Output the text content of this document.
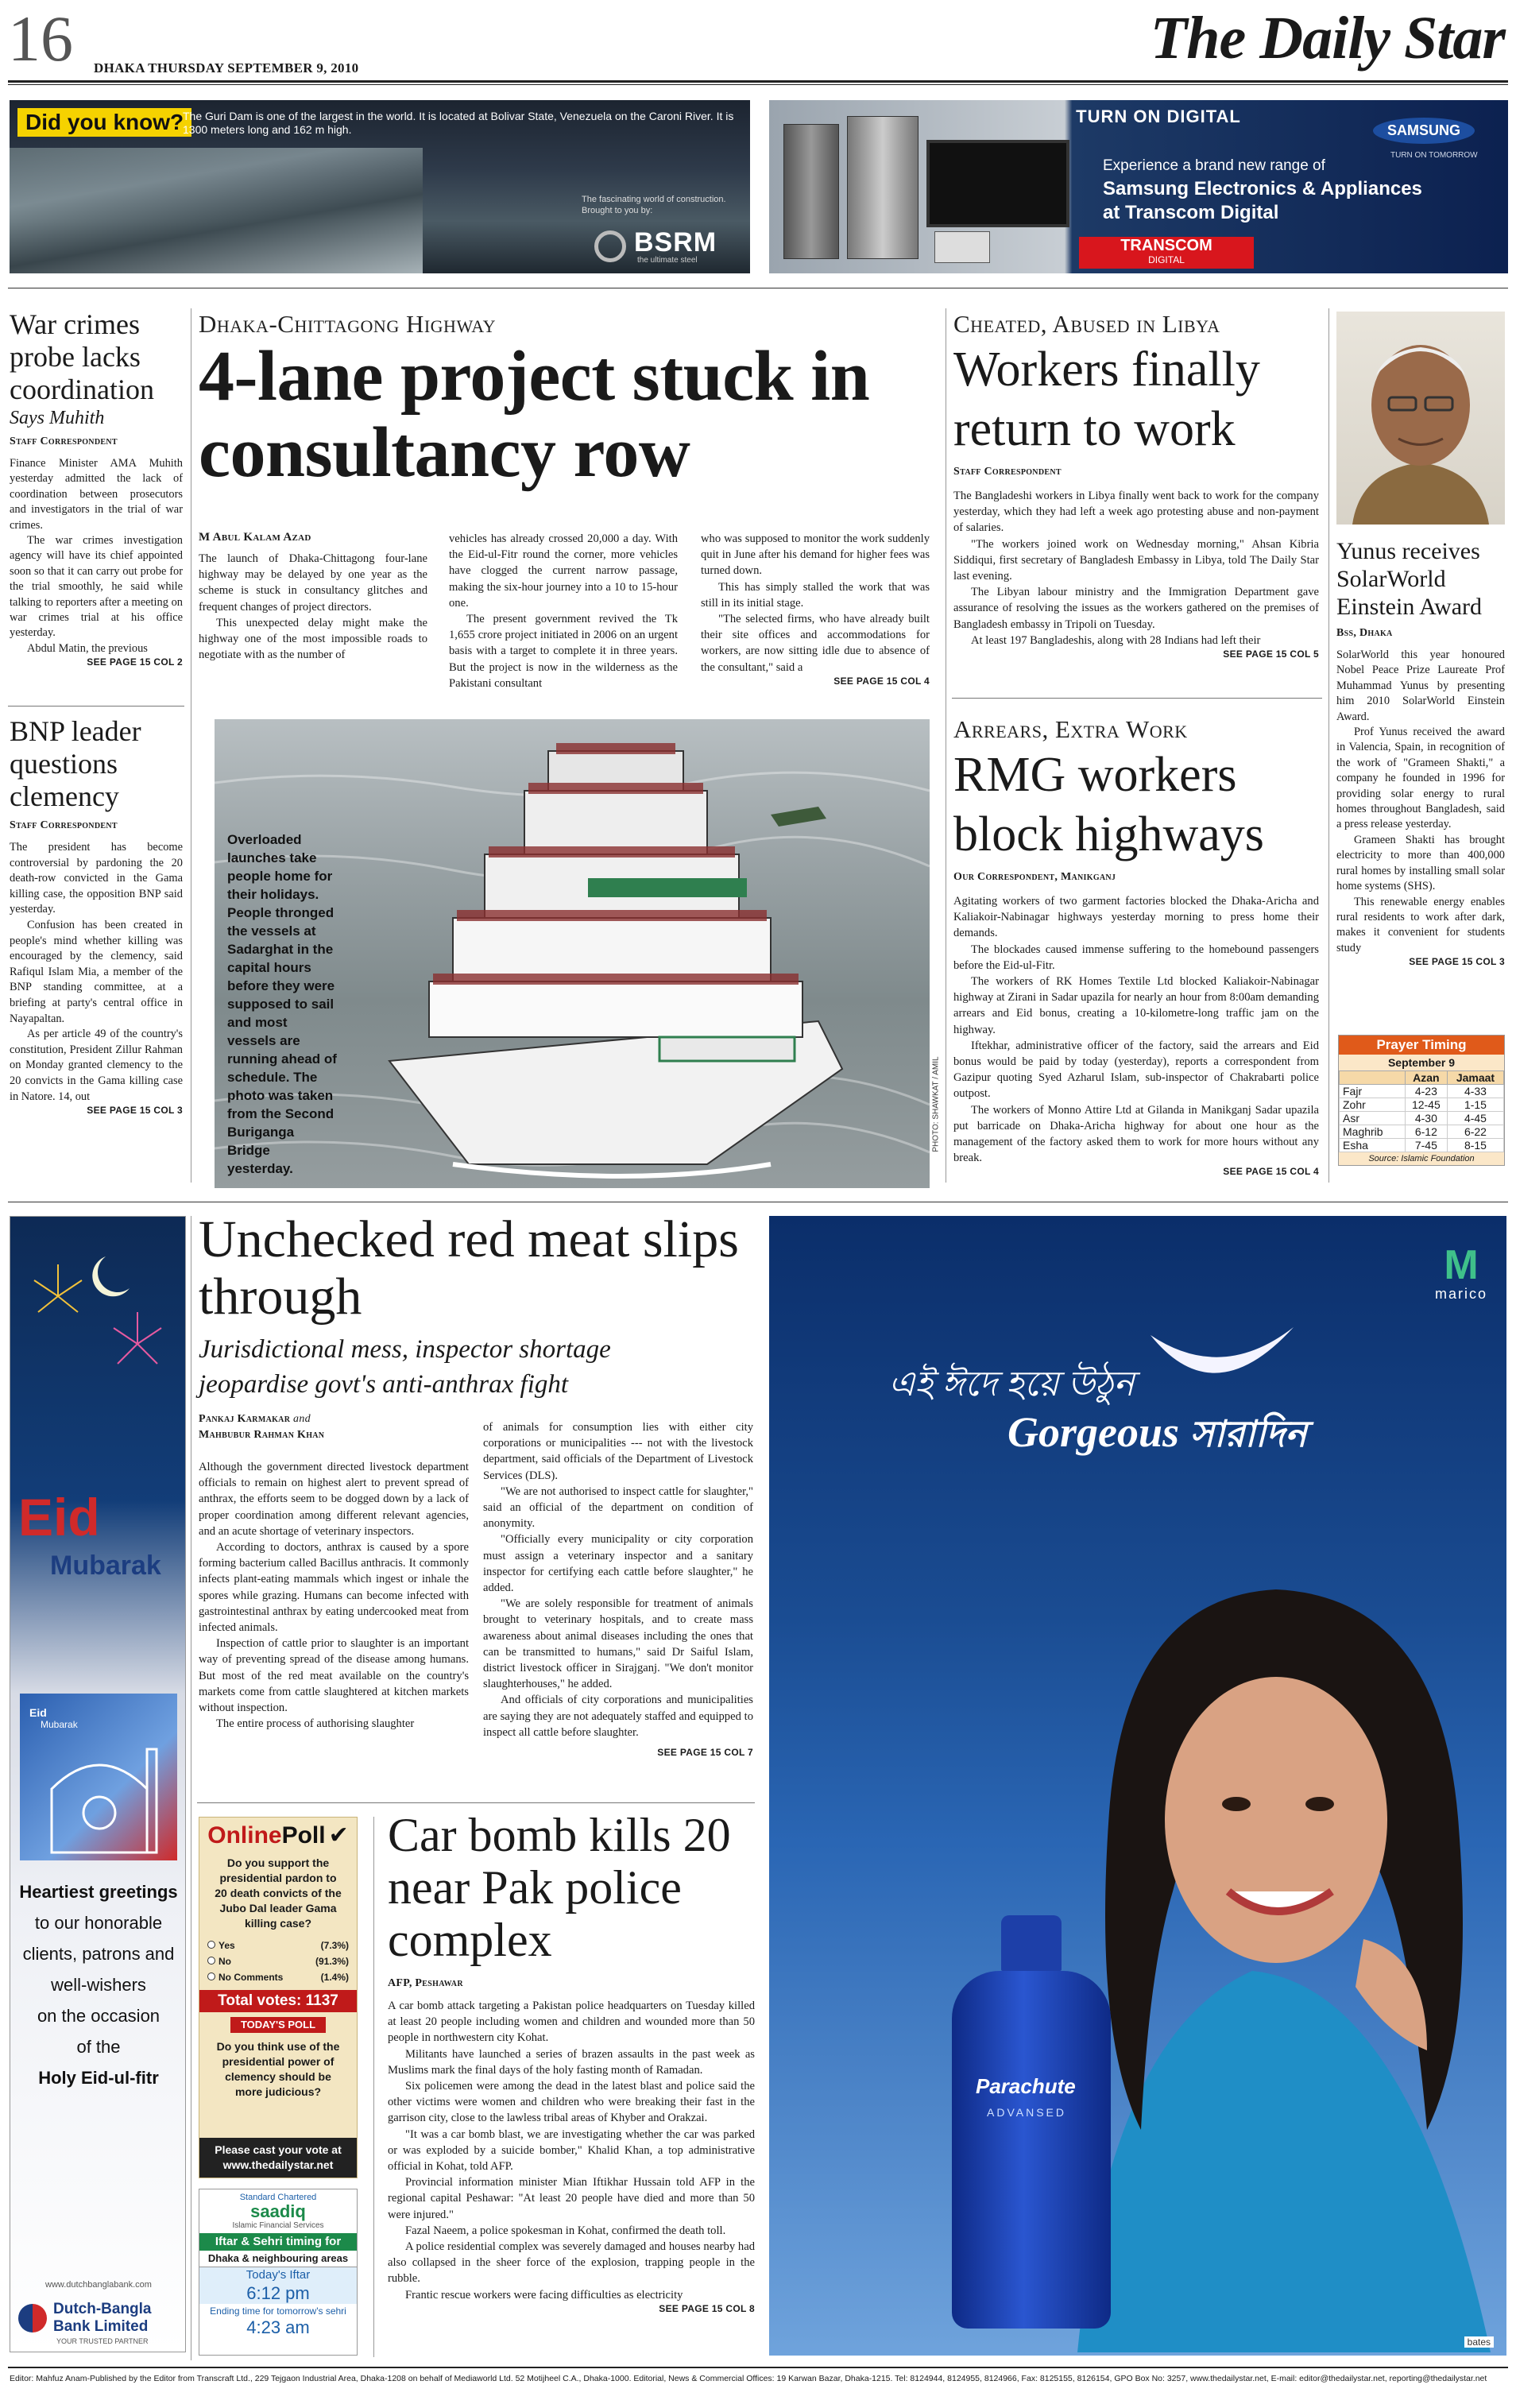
16 DHAKA THURSDAY SEPTEMBER 9, 2010	The Daily Star
Did you know?
The Guri Dam is one of the largest in the world. It is located at Bolivar State, Venezuela on the Caroni River. It is 1300 meters long and 162 m high.
The fascinating world of construction. Brought to you by:
BSRM
the ultimate steel
TURN ON DIGITAL
SAMSUNG
TURN ON TOMORROW
Experience a brand new range of
Samsung Electronics & Appliances
at Transcom Digital
TRANSCOM
DIGITAL
War crimes probe lacks coordination
Says Muhith
Staff Correspondent
Finance Minister AMA Muhith yesterday admitted the lack of coordination between prosecutors and investigators in the trial of war crimes.
The war crimes investigation agency will have its chief appointed soon so that it can carry out probe for the trial smoothly, he said while talking to reporters after a meeting on war crimes trial at his office yesterday.
Abdul Matin, the previous
SEE PAGE 15 COL 2
BNP leader questions clemency
Staff Correspondent
The president has become controversial by pardoning the 20 death-row convicted in the Gama killing case, the opposition BNP said yesterday.
Confusion has been created in people's mind whether killing was encouraged by the clemency, said Rafiqul Islam Mia, a member of the BNP standing committee, at a briefing at party's central office in Nayapaltan.
As per article 49 of the country's constitution, President Zillur Rahman on Monday granted clemency to the 20 convicts in the Gama killing case in Natore. 14, out
SEE PAGE 15 COL 3
Dhaka-Chittagong Highway
4-lane project stuck in consultancy row
M Abul Kalam Azad
The launch of Dhaka-Chittagong four-lane highway may be delayed by one year as the scheme is stuck in consultancy glitches and frequent changes of project directors.
This unexpected delay might make the highway one of the most impossible roads to negotiate with as the number of
vehicles has already crossed 20,000 a day. With the Eid-ul-Fitr round the corner, more vehicles have clogged the current narrow passage, making the six-hour journey into a 10 to 15-hour one.
The present government revived the Tk 1,655 crore project initiated in 2006 on an urgent basis with a target to complete it in three years. But the project is now in the wilderness as the Pakistani consultant
who was supposed to monitor the work suddenly quit in June after his demand for higher fees was turned down.
This has simply stalled the work that was still in its initial stage.
"The selected firms, who have already built their site offices and accommodations for workers, are now sitting idle due to absence of the consultant," said a
SEE PAGE 15 COL 4
Overloaded launches take people home for their holidays. People thronged the vessels at Sadarghat in the capital hours before they were supposed to sail and most vessels are running ahead of schedule. The photo was taken from the Second Buriganga Bridge yesterday.
PHOTO: SHAWKAT / AMIL
Cheated, Abused in Libya
Workers finally return to work
Staff Correspondent
The Bangladeshi workers in Libya finally went back to work for the company yesterday, which they had left a week ago protesting abuse and non-payment of salaries.
"The workers joined work on Wednesday morning," Ahsan Kibria Siddiqui, first secretary of Bangladesh Embassy in Libya, told The Daily Star last evening.
The Libyan labour ministry and the Immigration Department gave assurance of resolving the issues as the workers gathered on the premises of Bangladesh embassy in Tripoli on Tuesday.
At least 197 Bangladeshis, along with 28 Indians had left their
SEE PAGE 15 COL 5
Arrears, Extra Work
RMG workers block highways
Our Correspondent, Manikganj
Agitating workers of two garment factories blocked the Dhaka-Aricha and Kaliakoir-Nabinagar highways yesterday morning to press home their demands.
The blockades caused immense suffering to the homebound passengers before the Eid-ul-Fitr.
The workers of RK Homes Textile Ltd blocked Kaliakoir-Nabinagar highway at Zirani in Sadar upazila for nearly an hour from 8:00am demanding arrears and Eid bonus, creating a 10-kilometre-long traffic jam on the highway.
Iftekhar, administrative officer of the factory, said the arrears and Eid bonus would be paid by today (yesterday), reports a correspondent from Gazipur quoting Syed Azharul Islam, sub-inspector of Chakrabarti police outpost.
The workers of Monno Attire Ltd at Gilanda in Manikganj Sadar upazila put barricade on Dhaka-Aricha highway for about one hour as the management of the factory asked them to work for more hours without any break.
SEE PAGE 15 COL 4
Yunus receives SolarWorld Einstein Award
Bss, Dhaka
SolarWorld this year honoured Nobel Peace Prize Laureate Prof Muhammad Yunus by presenting him 2010 SolarWorld Einstein Award.
Prof Yunus received the award in Valencia, Spain, in recognition of the work of "Grameen Shakti," a company he founded in 1996 for providing solar energy to rural homes throughout Bangladesh, said a press release yesterday.
Grameen Shakti has brought electricity to more than 400,000 rural homes by installing small solar home systems (SHS).
This renewable energy enables rural residents to work after dark, makes it convenient for students study
SEE PAGE 15 COL 3
Prayer Timing
September 9
	Azan	Jamaat
Fajr	4-23	4-33
Zohr	12-45	1-15
Asr	4-30	4-45
Maghrib	6-12	6-22
Esha	7-45	8-15
Source: Islamic Foundation
Eid
Mubarak
Eid
Mubarak
Heartiest greetings
to our honorable
clients, patrons and
well-wishers
on the occasion
of the
Holy Eid-ul-fitr
www.dutchbanglabank.com
Dutch-Bangla
Bank Limited
YOUR TRUSTED PARTNER
Unchecked red meat slips through
Jurisdictional mess, inspector shortage jeopardise govt's anti-anthrax fight
Pankaj Karmakar and
Mahbubur Rahman Khan
Although the government directed livestock department officials to remain on highest alert to prevent spread of anthrax, the efforts seem to be dogged down by a lack of proper coordination among different relevant agencies, and an acute shortage of veterinary inspectors.
According to doctors, anthrax is caused by a spore forming bacterium called Bacillus anthracis. It commonly infects plant-eating mammals which ingest or inhale the spores while grazing. Humans can become infected with gastrointestinal anthrax by eating undercooked meat from infected animals.
Inspection of cattle prior to slaughter is an important way of preventing spread of the disease among humans. But most of the red meat available on the country's markets come from cattle slaughtered at kitchen markets without inspection.
The entire process of authorising slaughter
of animals for consumption lies with either city corporations or municipalities --- not with the livestock department, said officials of the Department of Livestock Services (DLS).
"We are not authorised to inspect cattle for slaughter," said an official of the department on condition of anonymity.
"Officially every municipality or city corporation must assign a veterinary inspector and a sanitary inspector for certifying each cattle before slaughter," he added.
"We are solely responsible for treatment of animals brought to veterinary hospitals, and to create mass awareness about animal diseases including the ones that can be transmitted to humans," said Dr Saiful Islam, district livestock officer in Sirajganj. "We don't monitor slaughterhouses," he added.
And officials of city corporations and municipalities are saying they are not adequately staffed and equipped to inspect all cattle before slaughter.
SEE PAGE 15 COL 7
OnlinePoll ✔
Do you support the presidential pardon to 20 death convicts of the Jubo Dal leader Gama killing case?
Yes	(7.3%)
No	(91.3%)
No Comments	(1.4%)
Total votes: 1137
TODAY'S POLL
Do you think use of the presidential power of clemency should be more judicious?
Please cast your vote at www.thedailystar.net
Standard Chartered
saadiq
Islamic Financial Services
Iftar & Sehri timing for
Dhaka & neighbouring areas
Today's Iftar
6:12 pm
Ending time for tomorrow's sehri
4:23 am
Car bomb kills 20 near Pak police complex
AFP, Peshawar
A car bomb attack targeting a Pakistan police headquarters on Tuesday killed at least 20 people including women and children and wounded more than 50 people in northwestern city Kohat.
Militants have launched a series of brazen assaults in the past week as Muslims mark the final days of the holy fasting month of Ramadan.
Six policemen were among the dead in the latest blast and police said the other victims were women and children who were breaking their fast in the garrison city, close to the lawless tribal areas of Khyber and Orakzai.
"It was a car bomb blast, we are investigating whether the car was parked or was exploded by a suicide bomber," Khalid Khan, a top administrative official in Kohat, told AFP.
Provincial information minister Mian Iftikhar Hussain told AFP in the regional capital Peshawar: "At least 20 people have died and more than 50 were injured."
Fazal Naeem, a police spokesman in Kohat, confirmed the death toll.
A police residential complex was severely damaged and houses nearby had also collapsed in the sheer force of the explosion, trapping people in the rubble.
Frantic rescue workers were facing difficulties as electricity
SEE PAGE 15 COL 8
M
marico
এই ঈদে হয়ে উঠুন
Gorgeous সারাদিন
Parachute
ADVANSED
bates
Editor: Mahfuz Anam-Published by the Editor from Transcraft Ltd., 229 Tejgaon Industrial Area, Dhaka-1208 on behalf of Mediaworld Ltd. 52 Motijheel C.A., Dhaka-1000. Editorial, News & Commercial Offices: 19 Karwan Bazar, Dhaka-1215. Tel: 8124944, 8124955, 8124966, Fax: 8125155, 8126154, GPO Box No: 3257, www.thedailystar.net, E-mail: editor@thedailystar.net, reporting@thedailystar.net
